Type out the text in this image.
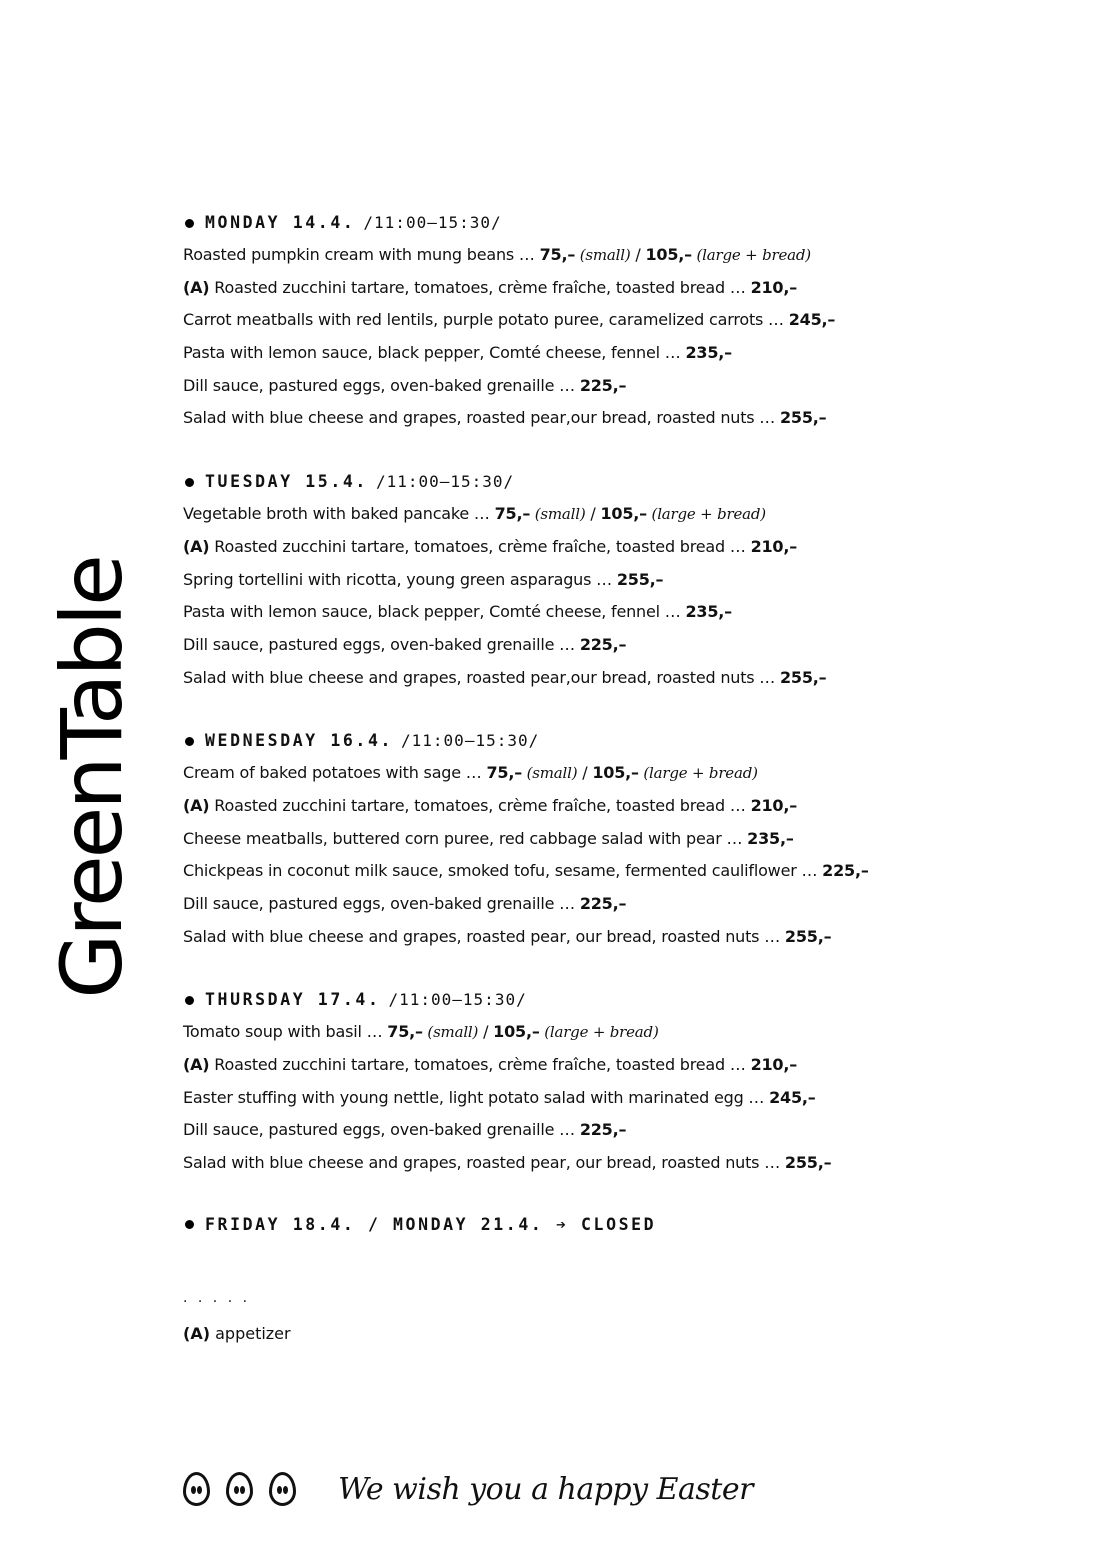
GreenTable
MONDAY 14.4. /11:00–15:30/
Roasted pumpkin cream with mung beans … 75,– (small) / 105,– (large + bread)
(A) Roasted zucchini tartare, tomatoes, crème fraîche, toasted bread … 210,–
Carrot meatballs with red lentils, purple potato puree, caramelized carrots … 245,–
Pasta with lemon sauce, black pepper, Comté cheese, fennel … 235,–
Dill sauce, pastured eggs, oven-baked grenaille … 225,–
Salad with blue cheese and grapes, roasted pear,our bread, roasted nuts … 255,–
TUESDAY 15.4. /11:00–15:30/
Vegetable broth with baked pancake … 75,– (small) / 105,– (large + bread)
(A) Roasted zucchini tartare, tomatoes, crème fraîche, toasted bread … 210,–
Spring tortellini with ricotta, young green asparagus … 255,–
Pasta with lemon sauce, black pepper, Comté cheese, fennel … 235,–
Dill sauce, pastured eggs, oven-baked grenaille … 225,–
Salad with blue cheese and grapes, roasted pear,our bread, roasted nuts … 255,–
WEDNESDAY 16.4. /11:00–15:30/
Cream of baked potatoes with sage … 75,– (small) / 105,– (large + bread)
(A) Roasted zucchini tartare, tomatoes, crème fraîche, toasted bread … 210,–
Cheese meatballs, buttered corn puree, red cabbage salad with pear … 235,–
Chickpeas in coconut milk sauce, smoked tofu, sesame, fermented cauliflower … 225,–
Dill sauce, pastured eggs, oven-baked grenaille … 225,–
Salad with blue cheese and grapes, roasted pear, our bread, roasted nuts … 255,–
THURSDAY 17.4. /11:00–15:30/
Tomato soup with basil … 75,– (small) / 105,– (large + bread)
(A) Roasted zucchini tartare, tomatoes, crème fraîche, toasted bread … 210,–
Easter stuffing with young nettle, light potato salad with marinated egg … 245,–
Dill sauce, pastured eggs, oven-baked grenaille … 225,–
Salad with blue cheese and grapes, roasted pear, our bread, roasted nuts … 255,–
FRIDAY 18.4. / MONDAY 21.4. ➔ CLOSED
. . . . .
(A) appetizer
We wish you a happy Easter
